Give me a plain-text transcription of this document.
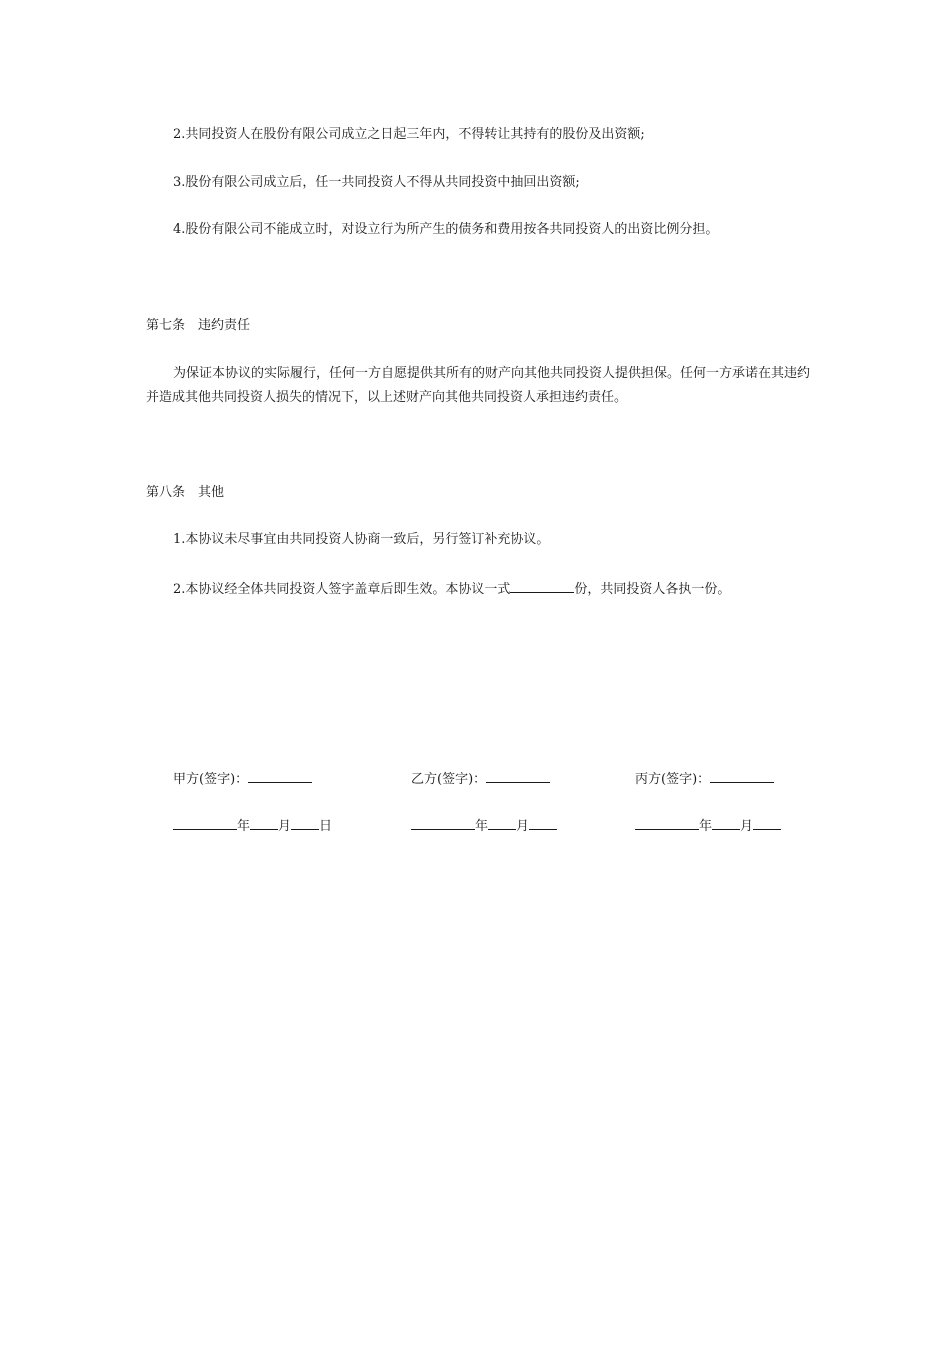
2.共同投资人在股份有限公司成立之日起三年内，不得转让其持有的股份及出资额;
3.股份有限公司成立后，任一共同投资人不得从共同投资中抽回出资额;
4.股份有限公司不能成立时，对设立行为所产生的债务和费用按各共同投资人的出资比例分担。
第七条　违约责任
为保证本协议的实际履行，任何一方自愿提供其所有的财产向其他共同投资人提供担保。任何一方承诺在其违约并造成其他共同投资人损失的情况下，以上述财产向其他共同投资人承担违约责任。
第八条　其他
1.本协议未尽事宜由共同投资人协商一致后，另行签订补充协议。
2.本协议经全体共同投资人签字盖章后即生效。本协议一式	份，共同投资人各执一份。
甲方(签字)：	乙方(签字)：	丙方(签字)：
年 月 日	年 月	年 月
